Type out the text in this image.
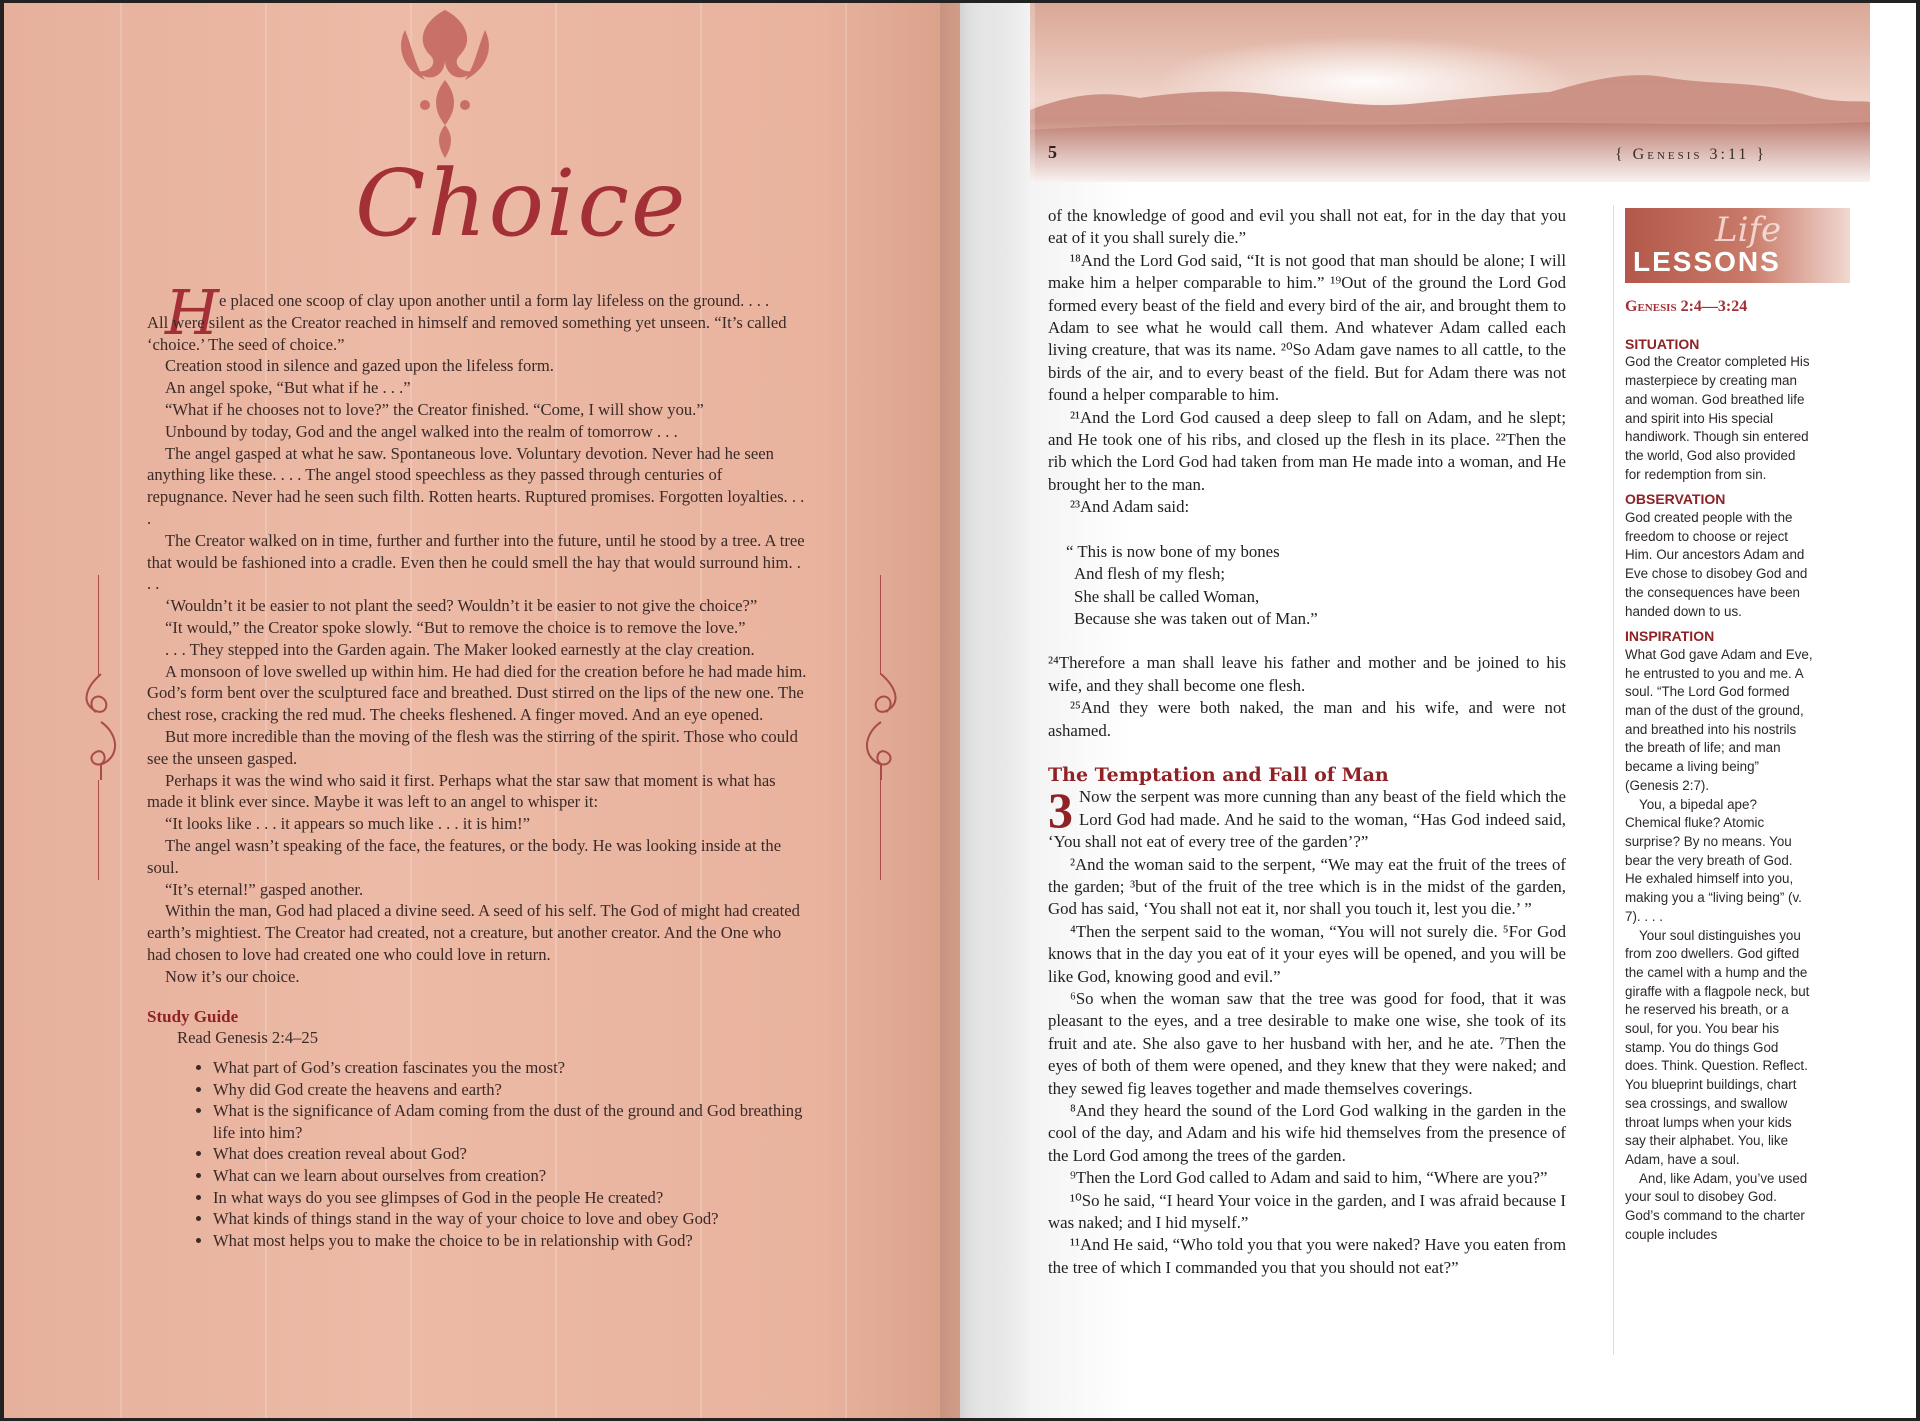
Choice
H e placed one scoop of clay upon another until a form lay lifeless on the ground. . . .

All were silent as the Creator reached in himself and removed something yet unseen. “It’s called ‘choice.’ The seed of choice.”

Creation stood in silence and gazed upon the lifeless form.

An angel spoke, “But what if he . . .”

“What if he chooses not to love?” the Creator finished. “Come, I will show you.”

Unbound by today, God and the angel walked into the realm of tomorrow . . .

The angel gasped at what he saw. Spontaneous love. Voluntary devotion. Never had he seen anything like these. . . . The angel stood speechless as they passed through centuries of repugnance. Never had he seen such filth. Rotten hearts. Ruptured promises. Forgotten loyalties. . . .

The Creator walked on in time, further and further into the future, until he stood by a tree. A tree that would be fashioned into a cradle. Even then he could smell the hay that would surround him. . . .

‘Wouldn’t it be easier to not plant the seed? Wouldn’t it be easier to not give the choice?”

“It would,” the Creator spoke slowly. “But to remove the choice is to remove the love.”

. . . They stepped into the Garden again. The Maker looked earnestly at the clay creation.

A monsoon of love swelled up within him. He had died for the creation before he had made him. God’s form bent over the sculptured face and breathed. Dust stirred on the lips of the new one. The chest rose, cracking the red mud. The cheeks fleshened. A finger moved. And an eye opened.

But more incredible than the moving of the flesh was the stirring of the spirit. Those who could see the unseen gasped.

Perhaps it was the wind who said it first. Perhaps what the star saw that moment is what has made it blink ever since. Maybe it was left to an angel to whisper it:

“It looks like . . . it appears so much like . . . it is him!”

The angel wasn’t speaking of the face, the features, or the body. He was looking inside at the soul.

“It’s eternal!” gasped another.

Within the man, God had placed a divine seed. A seed of his self. The God of might had created earth’s mightiest. The Creator had created, not a creature, but another creator. And the One who had chosen to love had created one who could love in return.

Now it’s our choice.

Study Guide
Read Genesis 2:4–25
• What part of God’s creation fascinates you the most?
• Why did God create the heavens and earth?
• What is the significance of Adam coming from the dust of the ground and God breathing life into him?
• What does creation reveal about God?
• What can we learn about ourselves from creation?
• In what ways do you see glimpses of God in the people He created?
• What kinds of things stand in the way of your choice to love and obey God?
• What most helps you to make the choice to be in relationship with God?
5	{ Genesis 3:11 }

of the knowledge of good and evil you shall not eat, for in the day that you eat of it you shall surely die.”

¹⁸And the Lord God said, “It is not good that man should be alone; I will make him a helper comparable to him.” ¹⁹Out of the ground the Lord God formed every beast of the field and every bird of the air, and brought them to Adam to see what he would call them. And whatever Adam called each living creature, that was its name. ²⁰So Adam gave names to all cattle, to the birds of the air, and to every beast of the field. But for Adam there was not found a helper comparable to him.

²¹And the Lord God caused a deep sleep to fall on Adam, and he slept; and He took one of his ribs, and closed up the flesh in its place. ²²Then the rib which the Lord God had taken from man He made into a woman, and He brought her to the man.

²³And Adam said:

“ This is now bone of my bones
And flesh of my flesh;
She shall be called Woman,
Because she was taken out of Man.”

²⁴Therefore a man shall leave his father and mother and be joined to his wife, and they shall become one flesh.

²⁵And they were both naked, the man and his wife, and were not ashamed.

The Temptation and Fall of Man

3 Now the serpent was more cunning than any beast of the field which the Lord God had made. And he said to the woman, “Has God indeed said, ‘You shall not eat of every tree of the garden’?”

²And the woman said to the serpent, “We may eat the fruit of the trees of the garden; ³but of the fruit of the tree which is in the midst of the garden, God has said, ‘You shall not eat it, nor shall you touch it, lest you die.’ ”

⁴Then the serpent said to the woman, “You will not surely die. ⁵For God knows that in the day you eat of it your eyes will be opened, and you will be like God, knowing good and evil.”

⁶So when the woman saw that the tree was good for food, that it was pleasant to the eyes, and a tree desirable to make one wise, she took of its fruit and ate. She also gave to her husband with her, and he ate. ⁷Then the eyes of both of them were opened, and they knew that they were naked; and they sewed fig leaves together and made themselves coverings.

⁸And they heard the sound of the Lord God walking in the garden in the cool of the day, and Adam and his wife hid themselves from the presence of the Lord God among the trees of the garden.

⁹Then the Lord God called to Adam and said to him, “Where are you?”

¹⁰So he said, “I heard Your voice in the garden, and I was afraid because I was naked; and I hid myself.”

¹¹And He said, “Who told you that you were naked? Have you eaten from the tree of which I commanded you that you should not eat?”

Life
LESSONS
Genesis 2:4—3:24
SITUATION

God the Creator completed His masterpiece by creating man and woman. God breathed life and spirit into His special handiwork. Though sin entered the world, God also provided for redemption from sin.

OBSERVATION

God created people with the freedom to choose or reject Him. Our ancestors Adam and Eve chose to disobey God and the consequences have been handed down to us.

INSPIRATION

What God gave Adam and Eve, he entrusted to you and me. A soul. “The Lord God formed man of the dust of the ground, and breathed into his nostrils the breath of life; and man became a living being” (Genesis 2:7).

You, a bipedal ape? Chemical fluke? Atomic surprise? By no means. You bear the very breath of God. He exhaled himself into you, making you a “living being” (v. 7). . . .

Your soul distinguishes you from zoo dwellers. God gifted the camel with a hump and the giraffe with a flagpole neck, but he reserved his breath, or a soul, for you. You bear his stamp. You do things God does. Think. Question. Reflect. You blueprint buildings, chart sea crossings, and swallow throat lumps when your kids say their alphabet. You, like Adam, have a soul.

And, like Adam, you’ve used your soul to disobey God. God’s command to the charter couple includes
